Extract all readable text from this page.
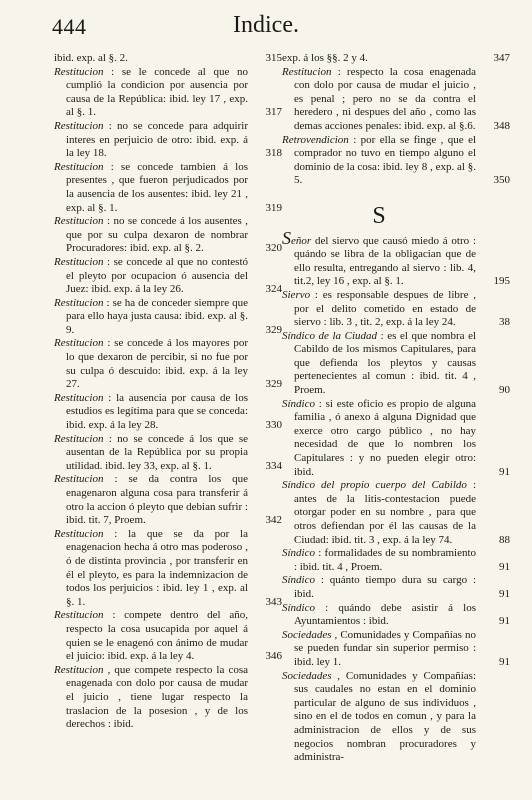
444	Indice.
ibid. exp. al §. 2.	315
Restitucion : se le concede al que no cumplió la condicion por ausencia por causa de la República: ibid. ley 17 , exp. al §. 1.	317
Restitucion : no se concede para adquirir interes en perjuicio de otro: ibid. exp. á la ley 18.	318
Restitucion : se concede tambien á los presentes , que fueron perjudicados por la ausencia de los ausentes: ibid. ley 21 , exp. al §. 1.	319
Restitucion : no se concede á los ausentes , que por su culpa dexaron de nombrar Procuradores: ibid. exp. al §. 2.	320
Restitucion : se concede al que no contestó el pleyto por ocupacion ó ausencia del Juez: ibid. exp. á la ley 26.	324
Restitucion : se ha de conceder siempre que para ello haya justa causa: ibid. exp. al §. 9.	329
Restitucion : se concede á los mayores por lo que dexaron de percibir, si no fue por su culpa ó descuido: ibid. exp. á la ley 27.	329
Restitucion : la ausencia por causa de los estudios es legítima para que se conceda: ibid. exp. á la ley 28.	330
Restitucion : no se concede á los que se ausentan de la República por su propia utilidad. ibid. ley 33, exp. al §. 1.	334
Restitucion : se da contra los que enagenaron alguna cosa para transferir á otro la accion ó pleyto que debian sufrir : ibid. tit. 7, Proem.	342
Restitucion : la que se da por la enagenacion hecha á otro mas poderoso , ó de distinta provincia , por transferir en él el pleyto, es para la indemnizacion de todos los perjuicios : ibid. ley 1 , exp. al §. 1.	343
Restitucion : compete dentro del año, respecto la cosa usucapida por aquel á quien se le enagenó con ánimo de mudar el juicio: ibid. exp. á la ley 4.	346
Restitucion , que compete respecto la cosa enagenada con dolo por causa de mudar el juicio , tiene lugar respecto la traslacion de la posesion , y de los derechos : ibid.
exp. á los §§. 2 y 4.	347
Restitucion : respecto la cosa enagenada con dolo por causa de mudar el juicio , es penal ; pero no se da contra el heredero , ni despues del año , como las demas acciones penales: ibid. exp. al §.6. 348
Retrovendicion : por ella se finge , que el comprador no tuvo en tiempo alguno el dominio de la cosa: ibid. ley 8 , exp. al §. 5.	350
S
Señor del siervo que causó miedo á otro : quándo se libra de la obligacian que de ello resulta, entregando al siervo : lib. 4, tit.2, ley 16 , exp. al §. 1.	195
Siervo : es responsable despues de libre , por el delito cometido en estado de siervo : lib. 3 , tit. 2, exp. á la ley 24.	38
Síndico de la Ciudad : es el que nombra el Cabildo de los mismos Capitulares, para que defienda los pleytos y causas pertenecientes al comun : ibid. tit. 4 , Proem.	90
Síndico : si este oficio es propio de alguna familia , ó anexo á alguna Dignidad que exerce otro cargo público , no hay necesidad de que lo nombren los Capitulares : y no pueden elegir otro: ibid.	91
Síndico del propio cuerpo del Cabildo : antes de la litis-contestacion puede otorgar poder en su nombre , para que otros defiendan por él las causas de la Ciudad: ibid. tit. 3 , exp. á la ley 74.	88
Síndico : formalidades de su nombramiento : ibid. tit. 4 , Proem.	91
Síndico : quánto tiempo dura su cargo : ibid.	91
Síndico : quándo debe asistir á los Ayuntamientos : ibid.	91
Sociedades , Comunidades y Compañías no se pueden fundar sin superior permiso : ibid. ley 1.	91
Sociedades , Comunidades y Compañías: sus caudales no estan en el dominio particular de alguno de sus individuos , sino en el de todos en comun , y para la administracion de ellos y de sus negocios nombran procuradores y administra-
